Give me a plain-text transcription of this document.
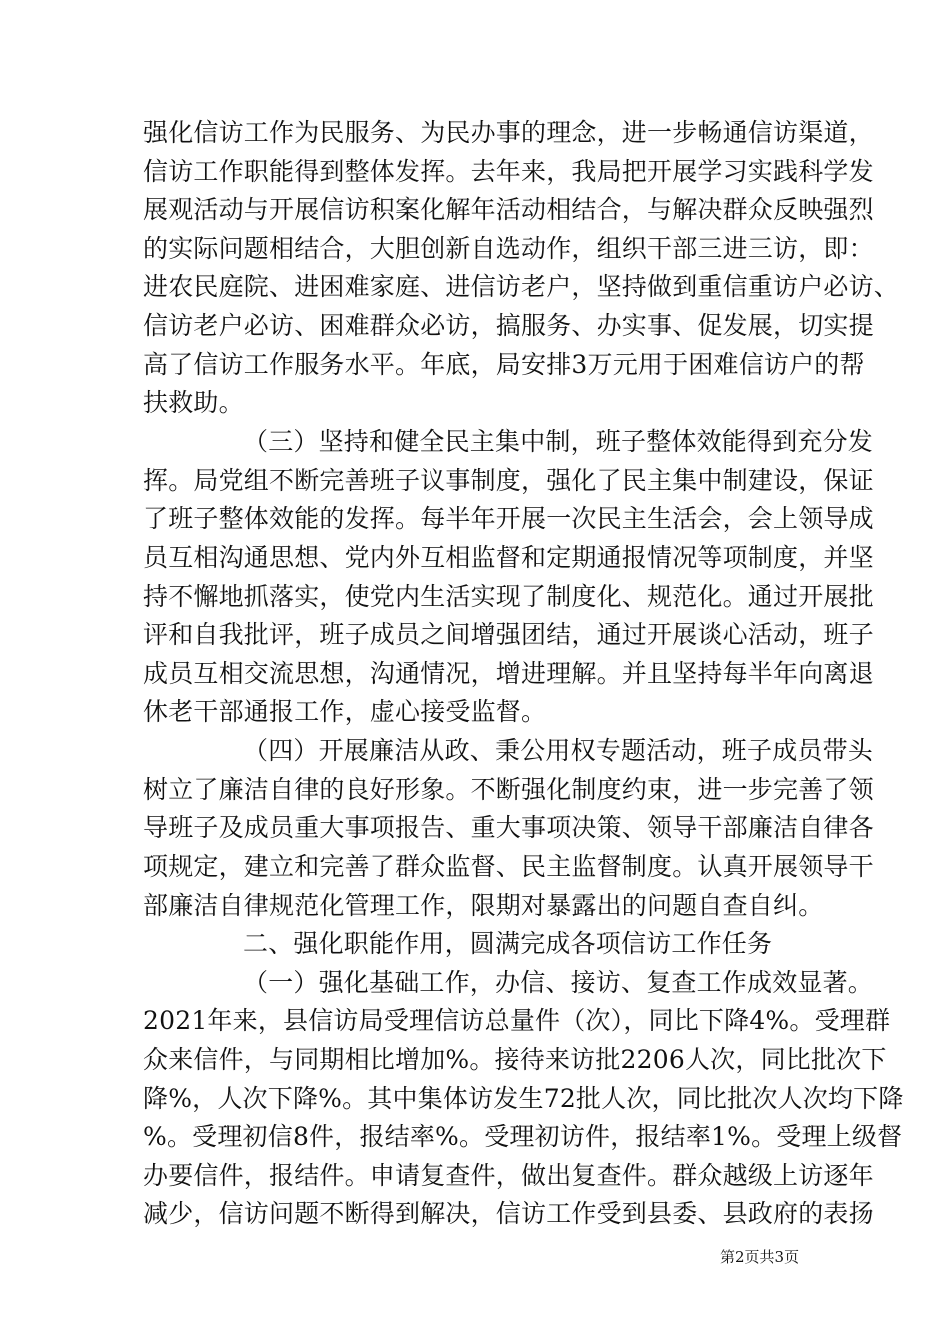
强化信访工作为民服务、为民办事的理念，进一步畅通信访渠道，
信访工作职能得到整体发挥。去年来，我局把开展学习实践科学发
展观活动与开展信访积案化解年活动相结合，与解决群众反映强烈
的实际问题相结合，大胆创新自选动作，组织干部三进三访，即：
进农民庭院、进困难家庭、进信访老户，坚持做到重信重访户必访、
信访老户必访、困难群众必访，搞服务、办实事、促发展，切实提
高了信访工作服务水平。年底，局安排3万元用于困难信访户的帮
扶救助。
（三）坚持和健全民主集中制，班子整体效能得到充分发
挥。局党组不断完善班子议事制度，强化了民主集中制建设，保证
了班子整体效能的发挥。每半年开展一次民主生活会，会上领导成
员互相沟通思想、党内外互相监督和定期通报情况等项制度，并坚
持不懈地抓落实，使党内生活实现了制度化、规范化。通过开展批
评和自我批评，班子成员之间增强团结，通过开展谈心活动，班子
成员互相交流思想，沟通情况，增进理解。并且坚持每半年向离退
休老干部通报工作，虚心接受监督。
（四）开展廉洁从政、秉公用权专题活动，班子成员带头
树立了廉洁自律的良好形象。不断强化制度约束，进一步完善了领
导班子及成员重大事项报告、重大事项决策、领导干部廉洁自律各
项规定，建立和完善了群众监督、民主监督制度。认真开展领导干
部廉洁自律规范化管理工作，限期对暴露出的问题自查自纠。
二、强化职能作用，圆满完成各项信访工作任务
（一）强化基础工作，办信、接访、复查工作成效显著。
2021年来，县信访局受理信访总量件（次），同比下降4%。受理群
众来信件，与同期相比增加%。接待来访批2206人次，同比批次下
降%，人次下降%。其中集体访发生72批人次，同比批次人次均下降
%。受理初信8件，报结率%。受理初访件，报结率1%。受理上级督
办要信件，报结件。申请复查件，做出复查件。群众越级上访逐年
减少，信访问题不断得到解决，信访工作受到县委、县政府的表扬
第2页共3页
